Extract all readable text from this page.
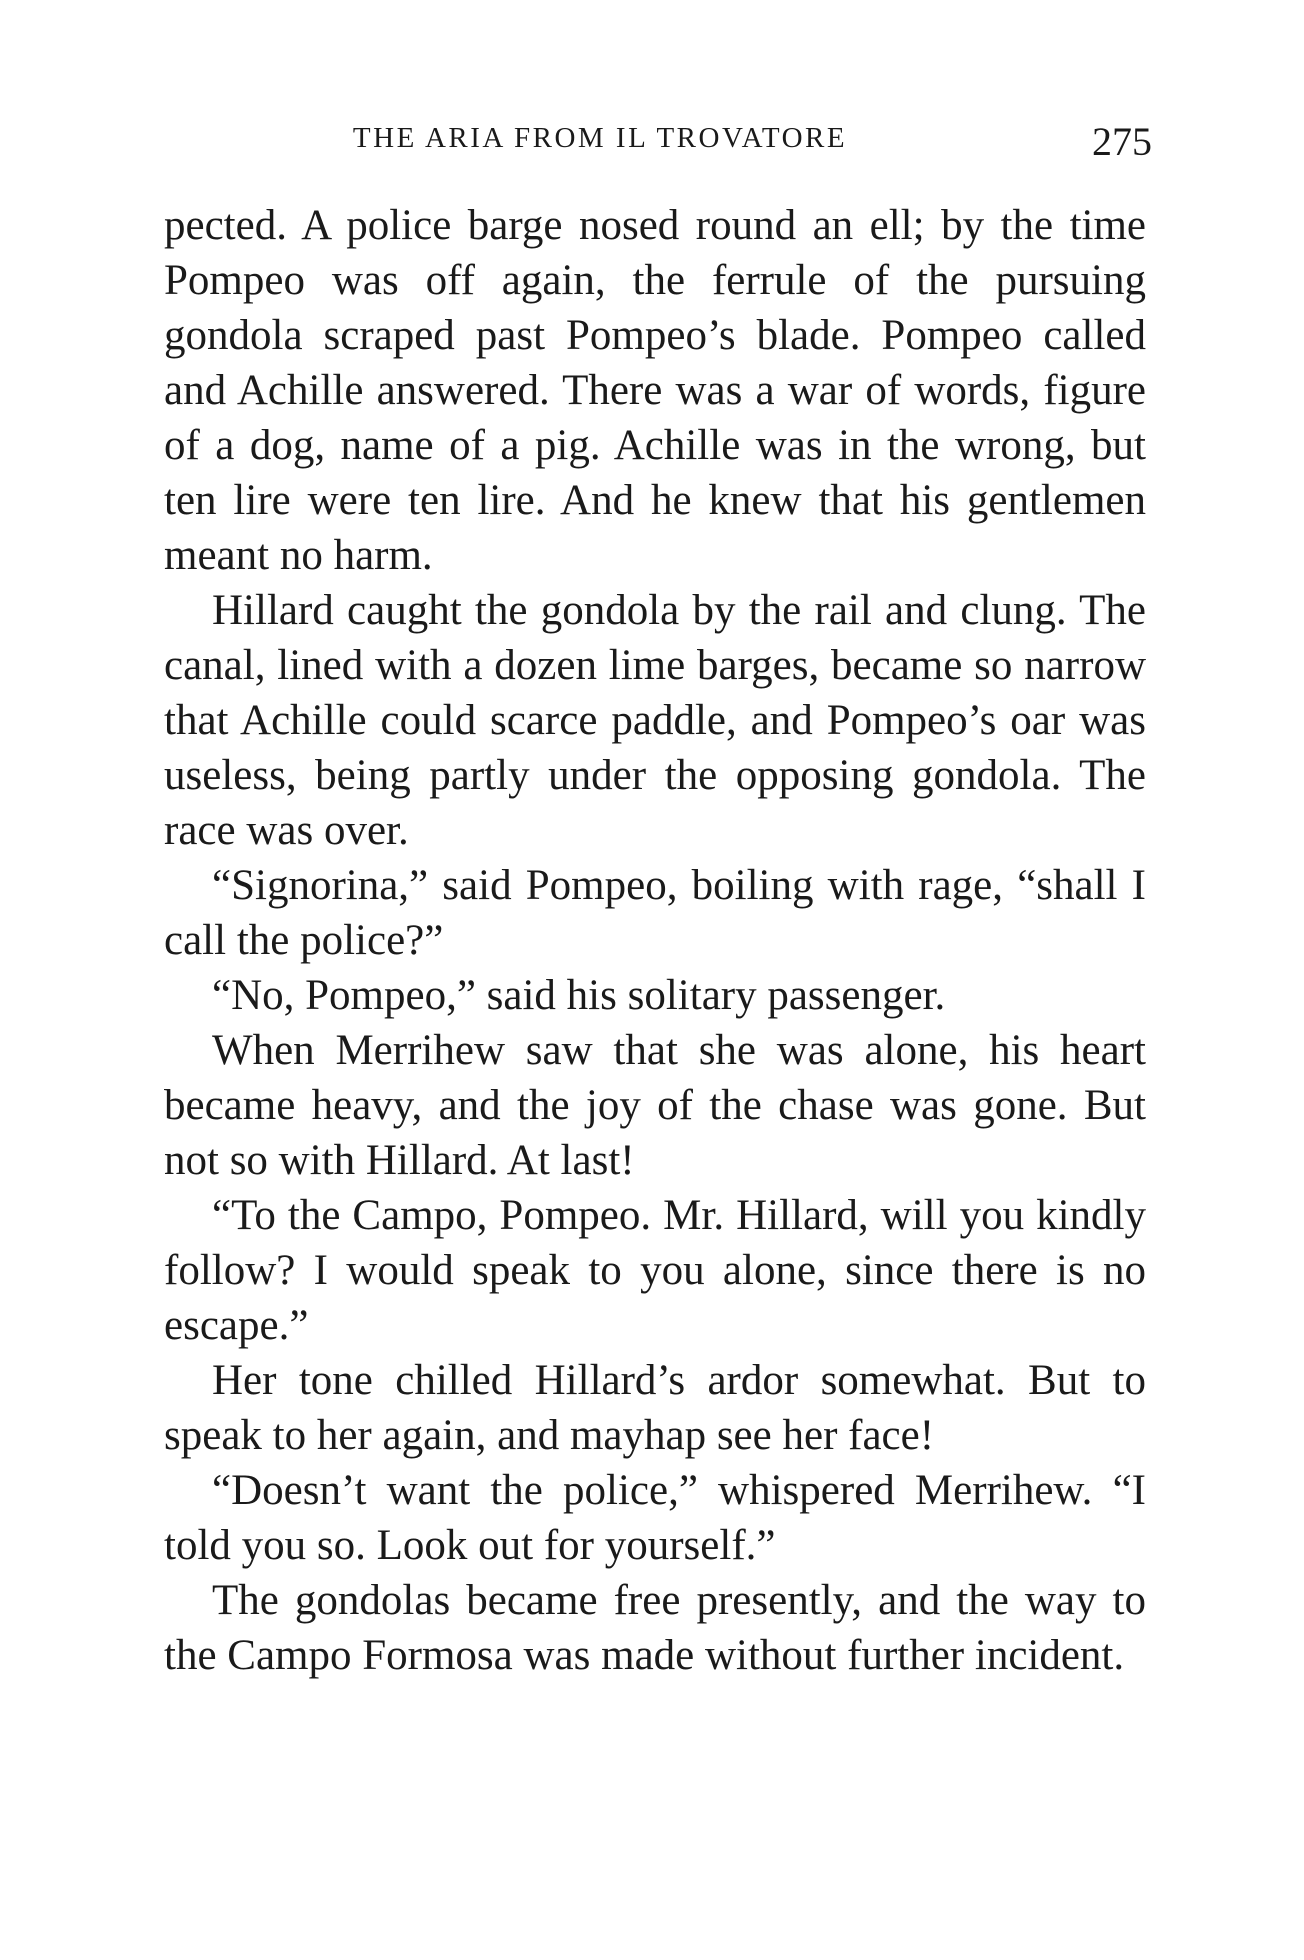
THE ARIA FROM IL TROVATORE	275

pected. A police barge nosed round an ell; by the time Pompeo was off again, the ferrule of the pursuing gondola scraped past Pompeo’s blade. Pompeo called and Achille answered. There was a war of words, figure of a dog, name of a pig. Achille was in the wrong, but ten lire were ten lire. And he knew that his gentlemen meant no harm.

Hillard caught the gondola by the rail and clung. The canal, lined with a dozen lime barges, became so narrow that Achille could scarce paddle, and Pompeo’s oar was useless, being partly under the opposing gondola. The race was over.

“Signorina,” said Pompeo, boiling with rage, “shall I call the police?”

“No, Pompeo,” said his solitary passenger.

When Merrihew saw that she was alone, his heart became heavy, and the joy of the chase was gone. But not so with Hillard. At last!

“To the Campo, Pompeo. Mr. Hillard, will you kindly follow? I would speak to you alone, since there is no escape.”

Her tone chilled Hillard’s ardor somewhat. But to speak to her again, and mayhap see her face!

“Doesn’t want the police,” whispered Merrihew. “I told you so. Look out for yourself.”

The gondolas became free presently, and the way to the Campo Formosa was made without further incident.
